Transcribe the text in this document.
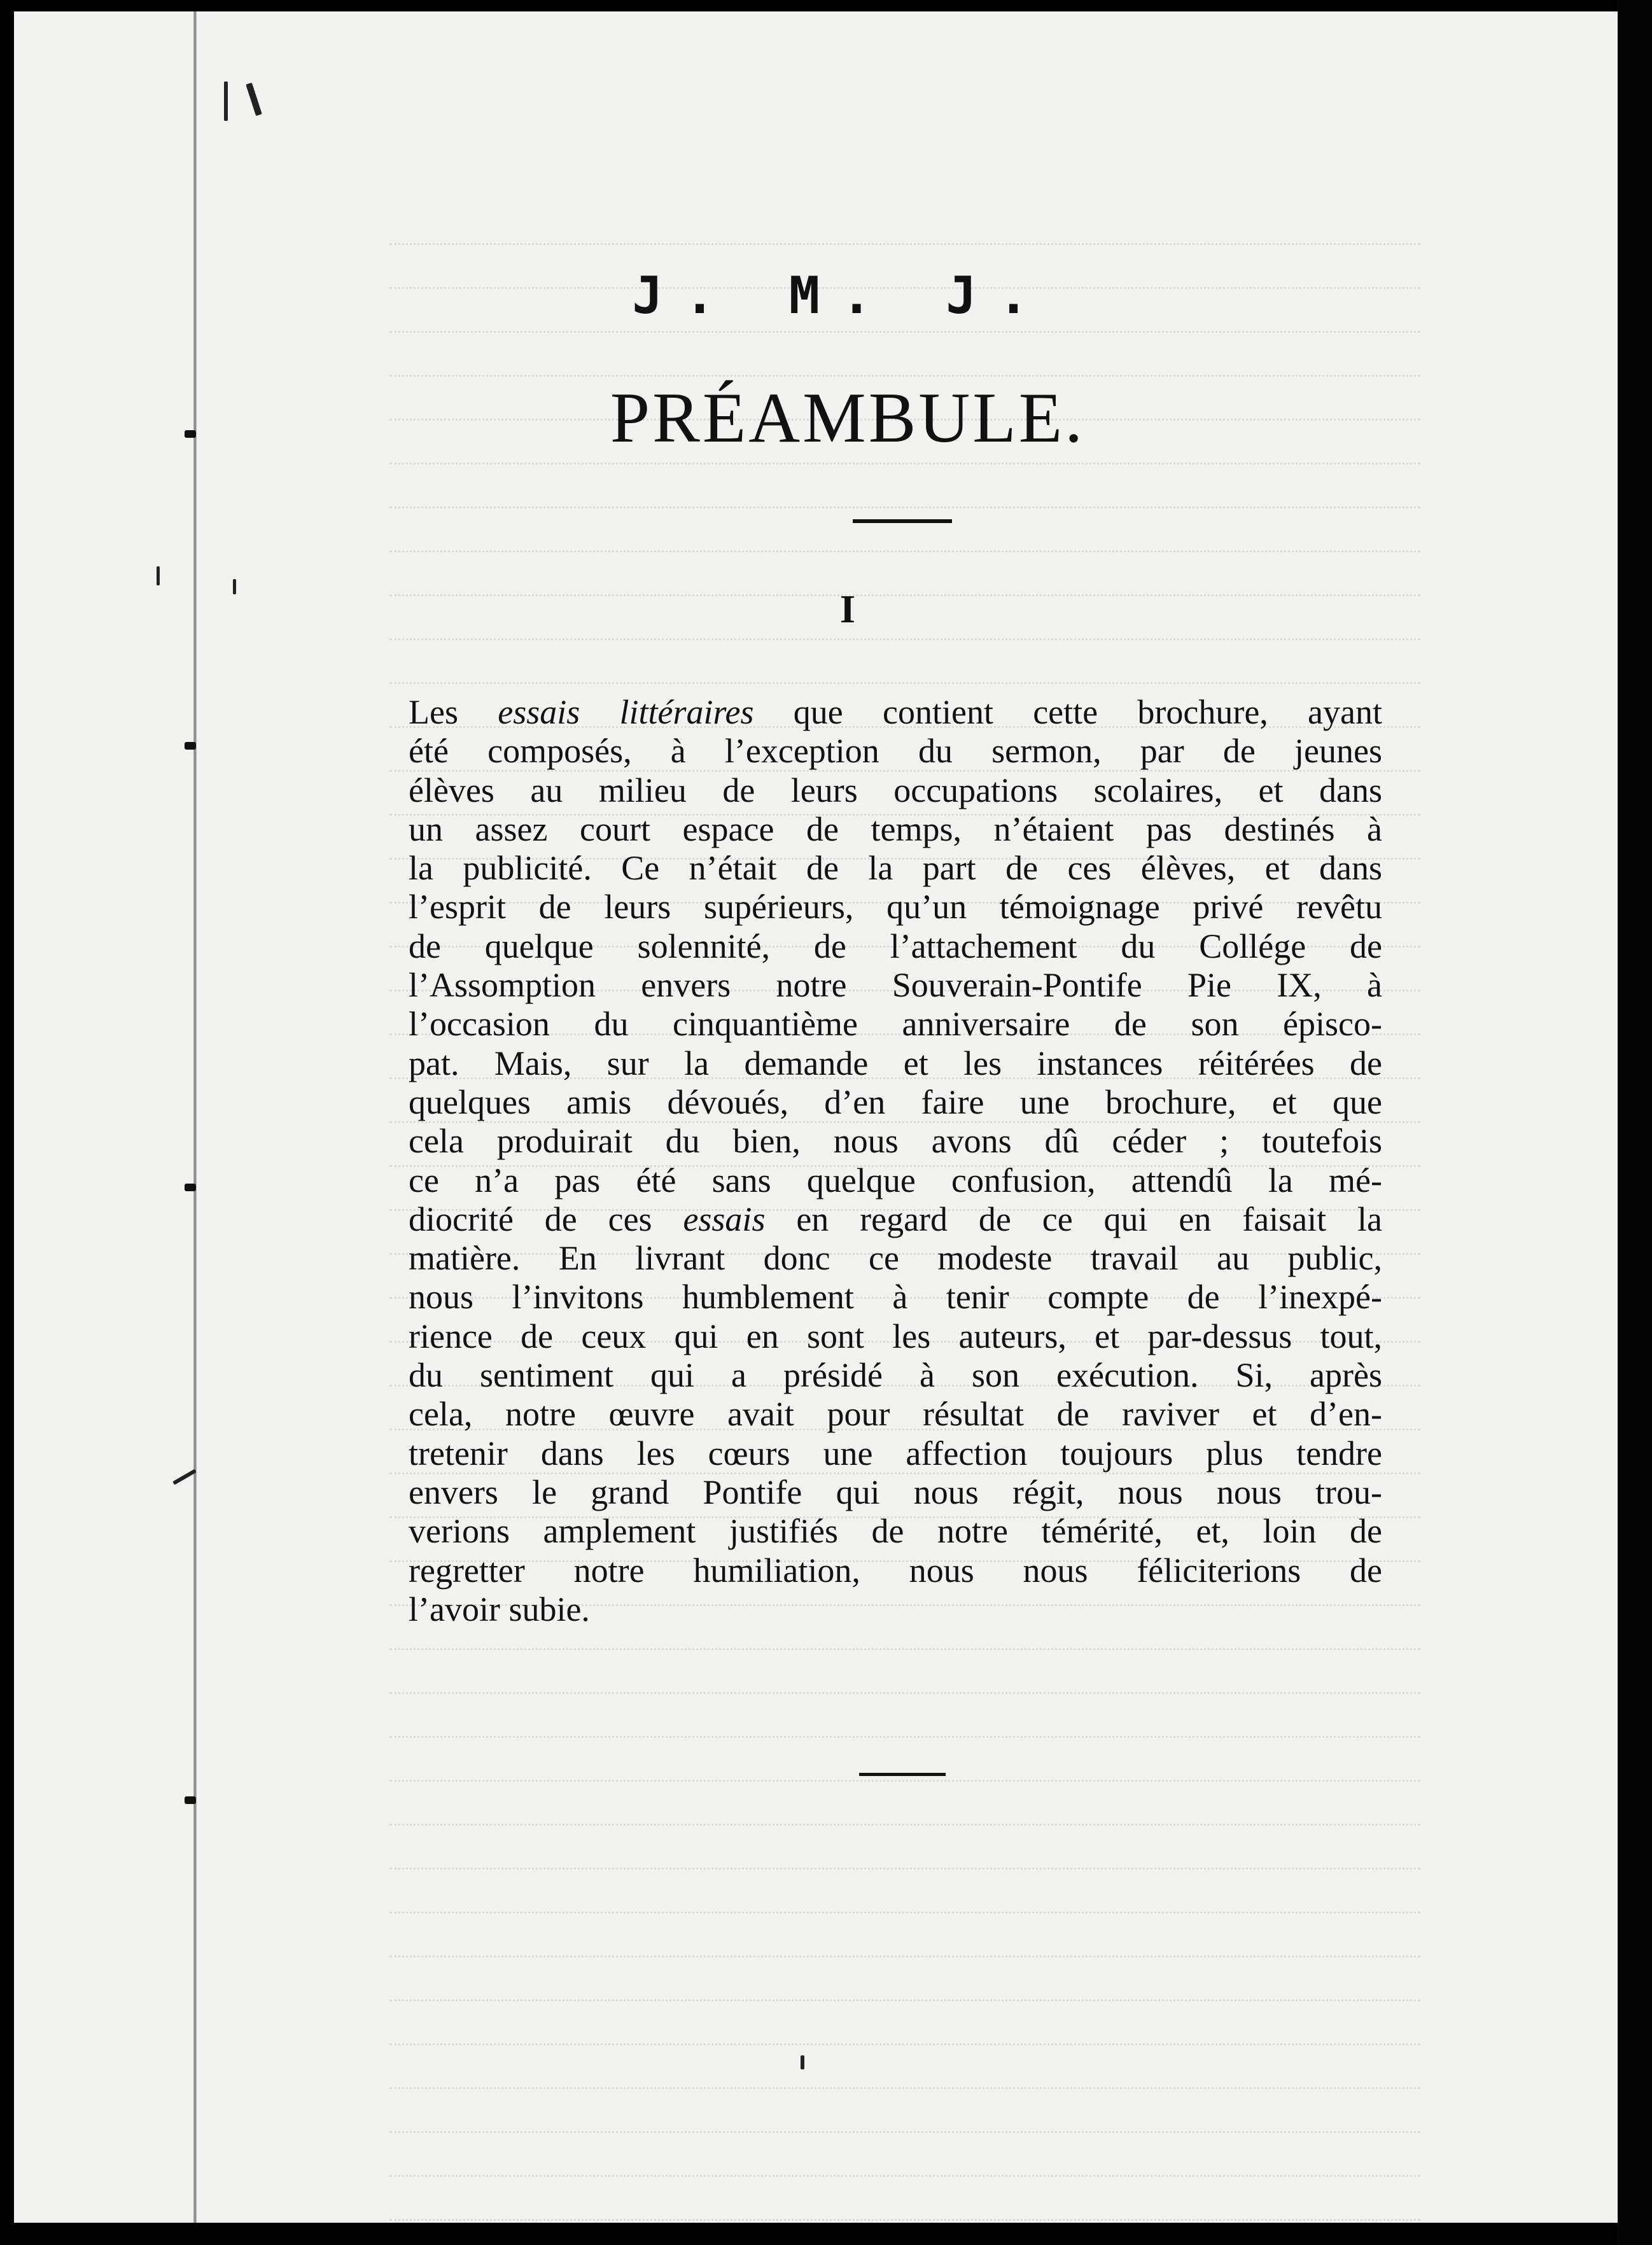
J. M. J.
PRÉAMBULE.
I
Les essais littéraires que contient cette brochure, ayant
été composés, à l’exception du sermon, par de jeunes
élèves au milieu de leurs occupations scolaires, et dans
un assez court espace de temps, n’étaient pas destinés à
la publicité. Ce n’était de la part de ces élèves, et dans
l’esprit de leurs supérieurs, qu’un témoignage privé revêtu
de quelque solennité, de l’attachement du Collége de
l’Assomption envers notre Souverain-Pontife Pie IX, à
l’occasion du cinquantième anniversaire de son épisco-
pat. Mais, sur la demande et les instances réitérées de
quelques amis dévoués, d’en faire une brochure, et que
cela produirait du bien, nous avons dû céder ; toutefois
ce n’a pas été sans quelque confusion, attendû la mé-
diocrité de ces essais en regard de ce qui en faisait la
matière. En livrant donc ce modeste travail au public,
nous l’invitons humblement à tenir compte de l’inexpé-
rience de ceux qui en sont les auteurs, et par-dessus tout,
du sentiment qui a présidé à son exécution. Si, après
cela, notre œuvre avait pour résultat de raviver et d’en-
tretenir dans les cœurs une affection toujours plus tendre
envers le grand Pontife qui nous régit, nous nous trou-
verions amplement justifiés de notre témérité, et, loin de
regretter notre humiliation, nous nous féliciterions de
l’avoir subie.
